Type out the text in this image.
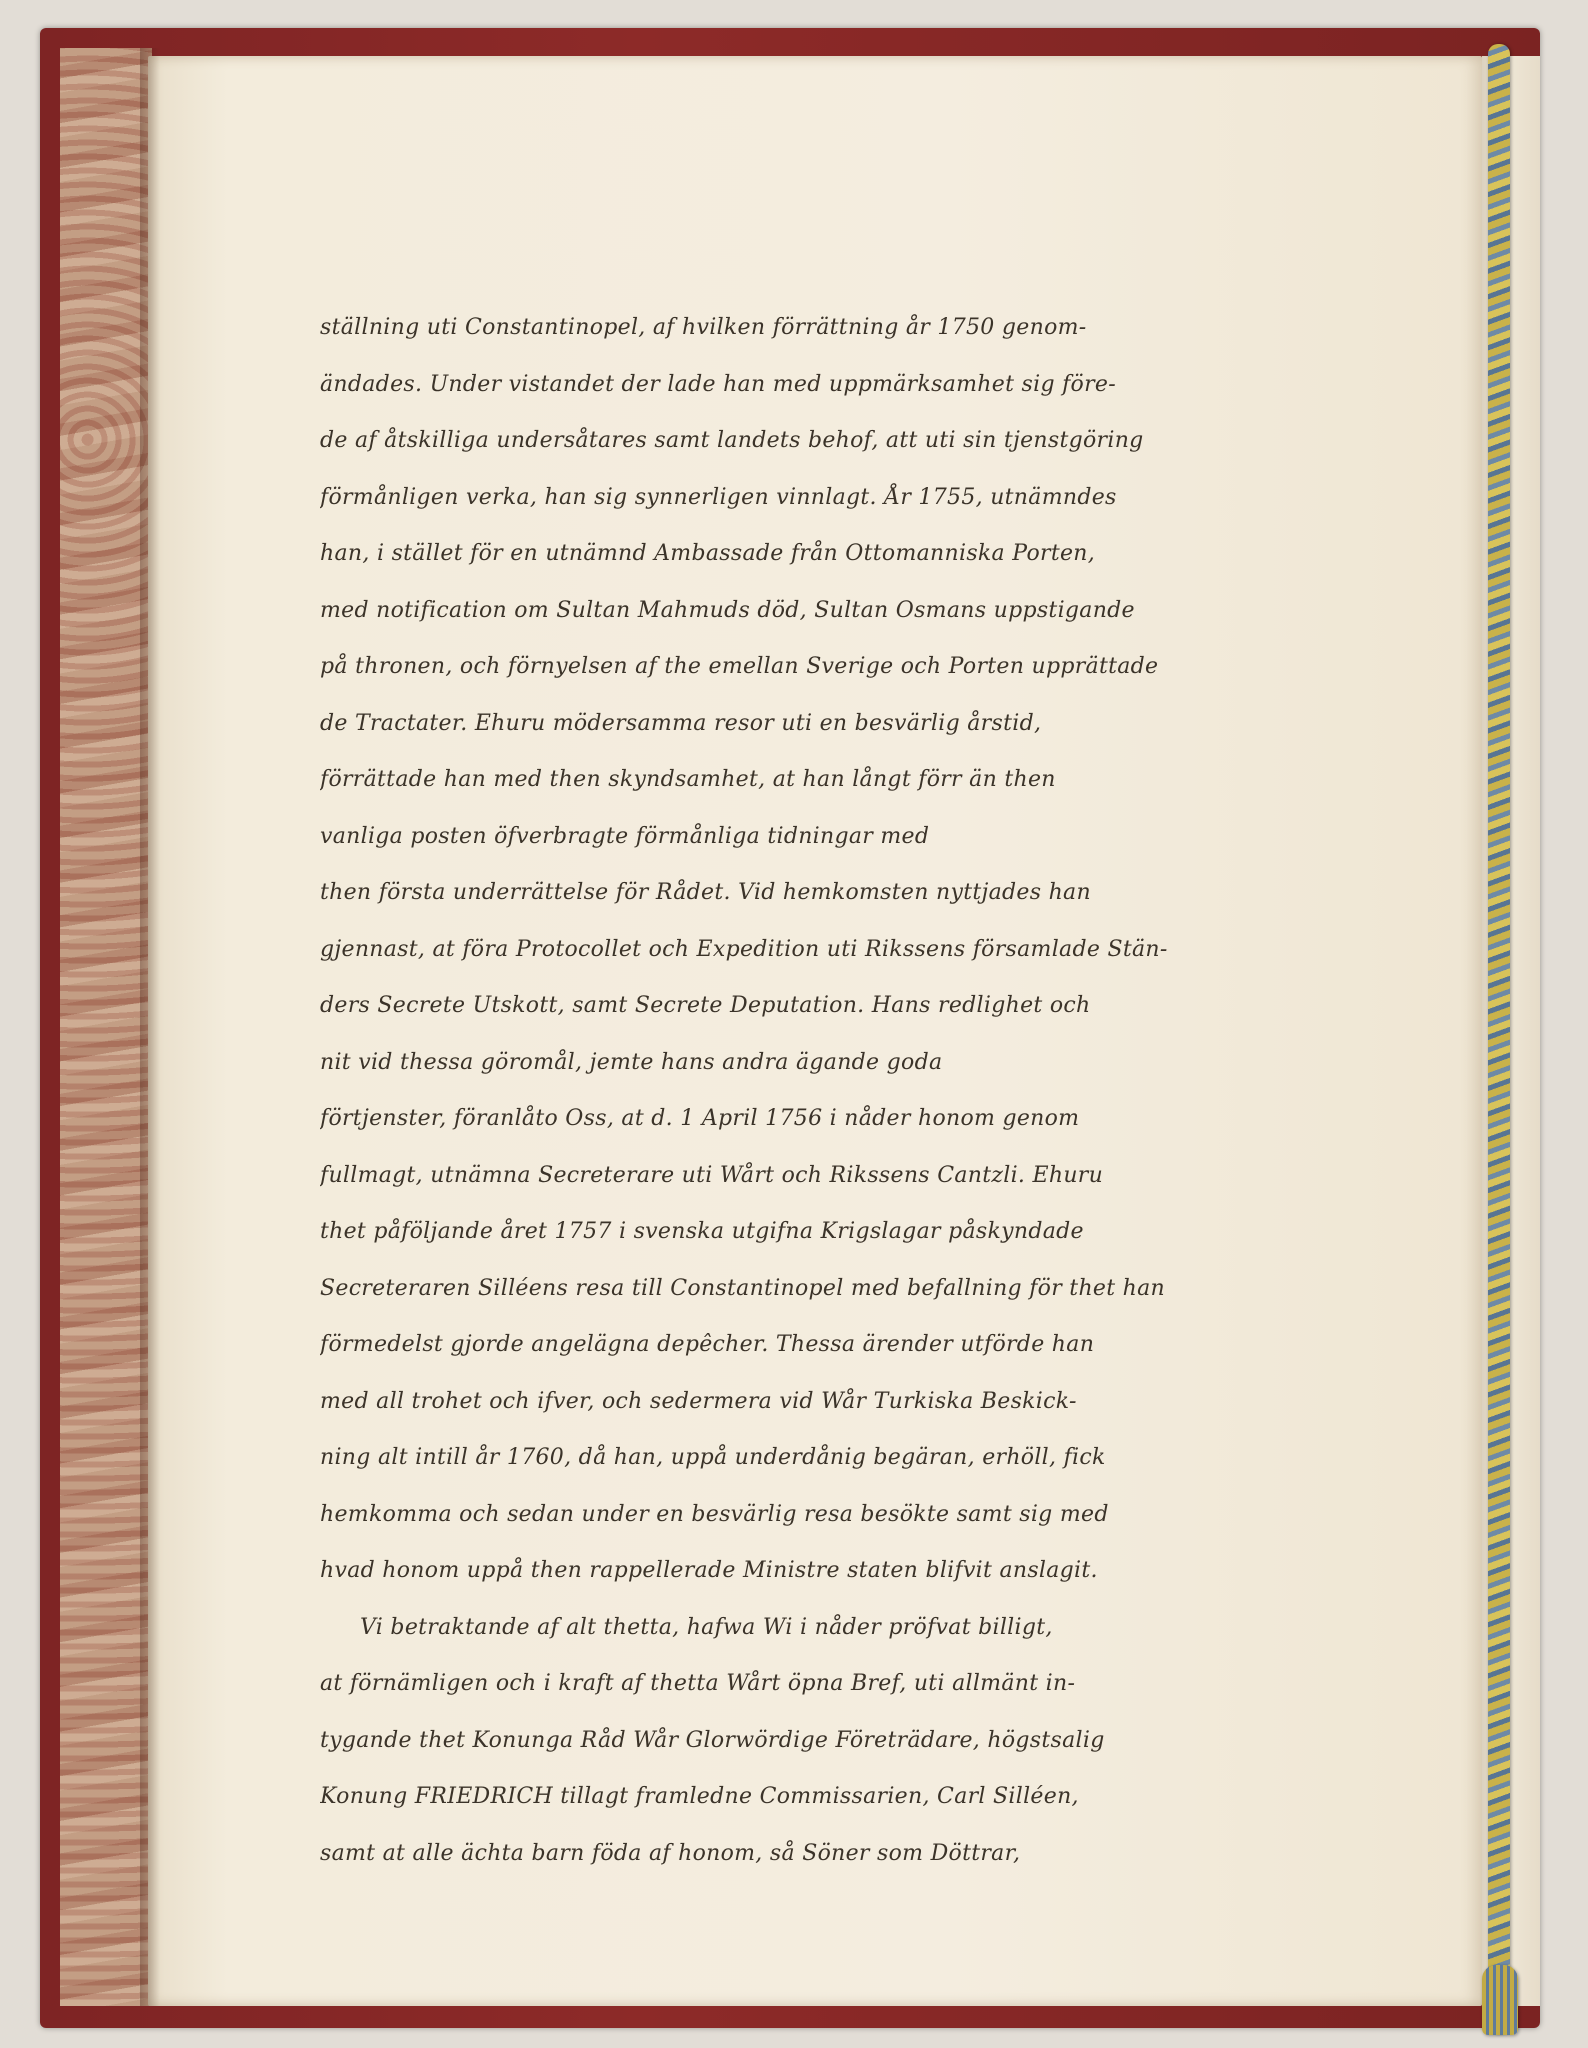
ställning uti Constantinopel, af hvilken förrättning år 1750 genom-
ändades. Under vistandet der lade han med uppmärksamhet sig före-
de af åtskilliga undersåtares samt landets behof, att uti sin tjenstgöring
förmånligen verka, han sig synnerligen vinnlagt. År 1755, utnämndes
han, i stället för en utnämnd Ambassade från Ottomanniska Porten,
med notification om Sultan Mahmuds död, Sultan Osmans uppstigande
på thronen, och förnyelsen af the emellan Sverige och Porten upprättade
de Tractater. Ehuru mödersamma resor uti en besvärlig årstid,
förrättade han med then skyndsamhet, at han långt förr än then
vanliga posten öfverbragte förmånliga tidningar med
then första underrättelse för Rådet. Vid hemkomsten nyttjades han
gjennast, at föra Protocollet och Expedition uti Rikssens församlade Stän-
ders Secrete Utskott, samt Secrete Deputation. Hans redlighet och
nit vid thessa göromål, jemte hans andra ägande goda
förtjenster, föranlåto Oss, at d. 1 April 1756 i nåder honom genom
fullmagt, utnämna Secreterare uti Wårt och Rikssens Cantzli. Ehuru
thet påföljande året 1757 i svenska utgifna Krigslagar påskyndade
Secreteraren Silléens resa till Constantinopel med befallning för thet han
förmedelst gjorde angelägna depêcher. Thessa ärender utförde han
med all trohet och ifver, och sedermera vid Wår Turkiska Beskick-
ning alt intill år 1760, då han, uppå underdånig begäran, erhöll, fick
hemkomma och sedan under en besvärlig resa besökte samt sig med
hvad honom uppå then rappellerade Ministre staten blifvit anslagit.
Vi betraktande af alt thetta, hafwa Wi i nåder pröfvat billigt,
at förnämligen och i kraft af thetta Wårt öpna Bref, uti allmänt in-
tygande thet Konunga Råd Wår Glorwördige Företrädare, högstsalig
Konung FRIEDRICH tillagt framledne Commissarien, Carl Silléen,
samt at alle ächta barn föda af honom, så Söner som Döttrar,
